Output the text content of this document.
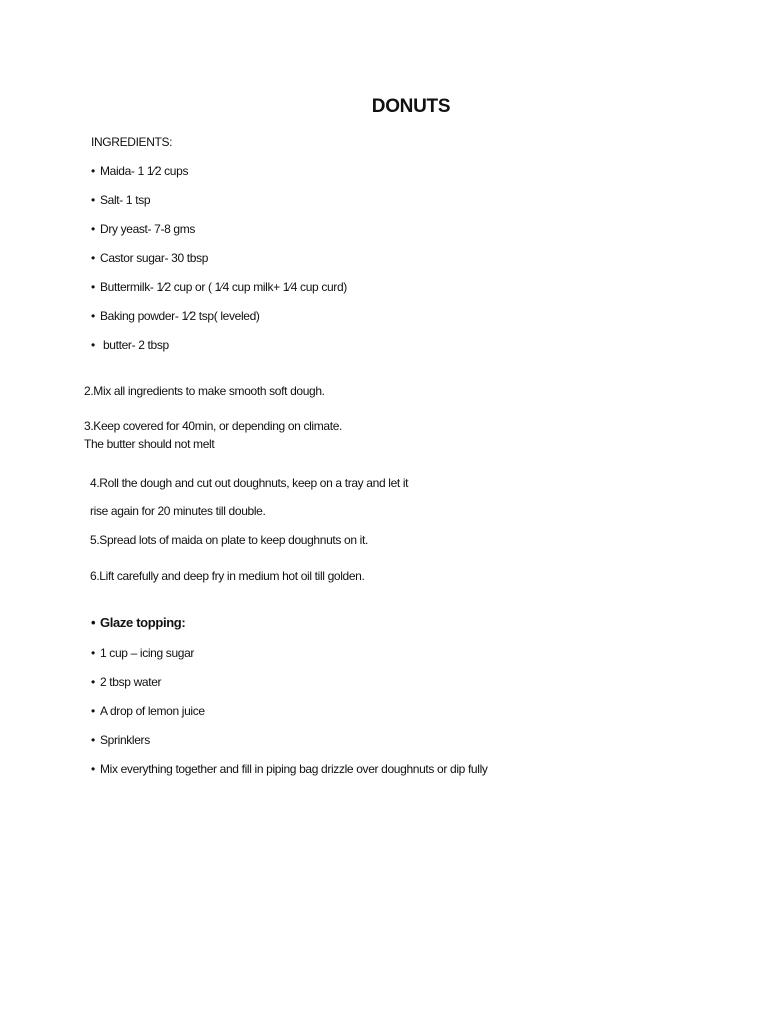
DONUTS
INGREDIENTS:
• Maida- 1 1⁄2 cups
• Salt- 1 tsp
• Dry yeast- 7-8 gms
• Castor sugar- 30 tbsp
• Buttermilk- 1⁄2 cup or ( 1⁄4 cup milk+ 1⁄4 cup curd)
• Baking powder- 1⁄2 tsp( leveled)
• butter- 2 tbsp
2.Mix all ingredients to make smooth soft dough.
3.Keep covered for 40min, or depending on climate.
The butter should not melt
4.Roll the dough and cut out doughnuts, keep on a tray and let it
rise again for 20 minutes till double.
5.Spread lots of maida on plate to keep doughnuts on it.
6.Lift carefully and deep fry in medium hot oil till golden.
• Glaze topping:
• 1 cup – icing sugar
• 2 tbsp water
• A drop of lemon juice
• Sprinklers
• Mix everything together and fill in piping bag drizzle over doughnuts or dip fully
